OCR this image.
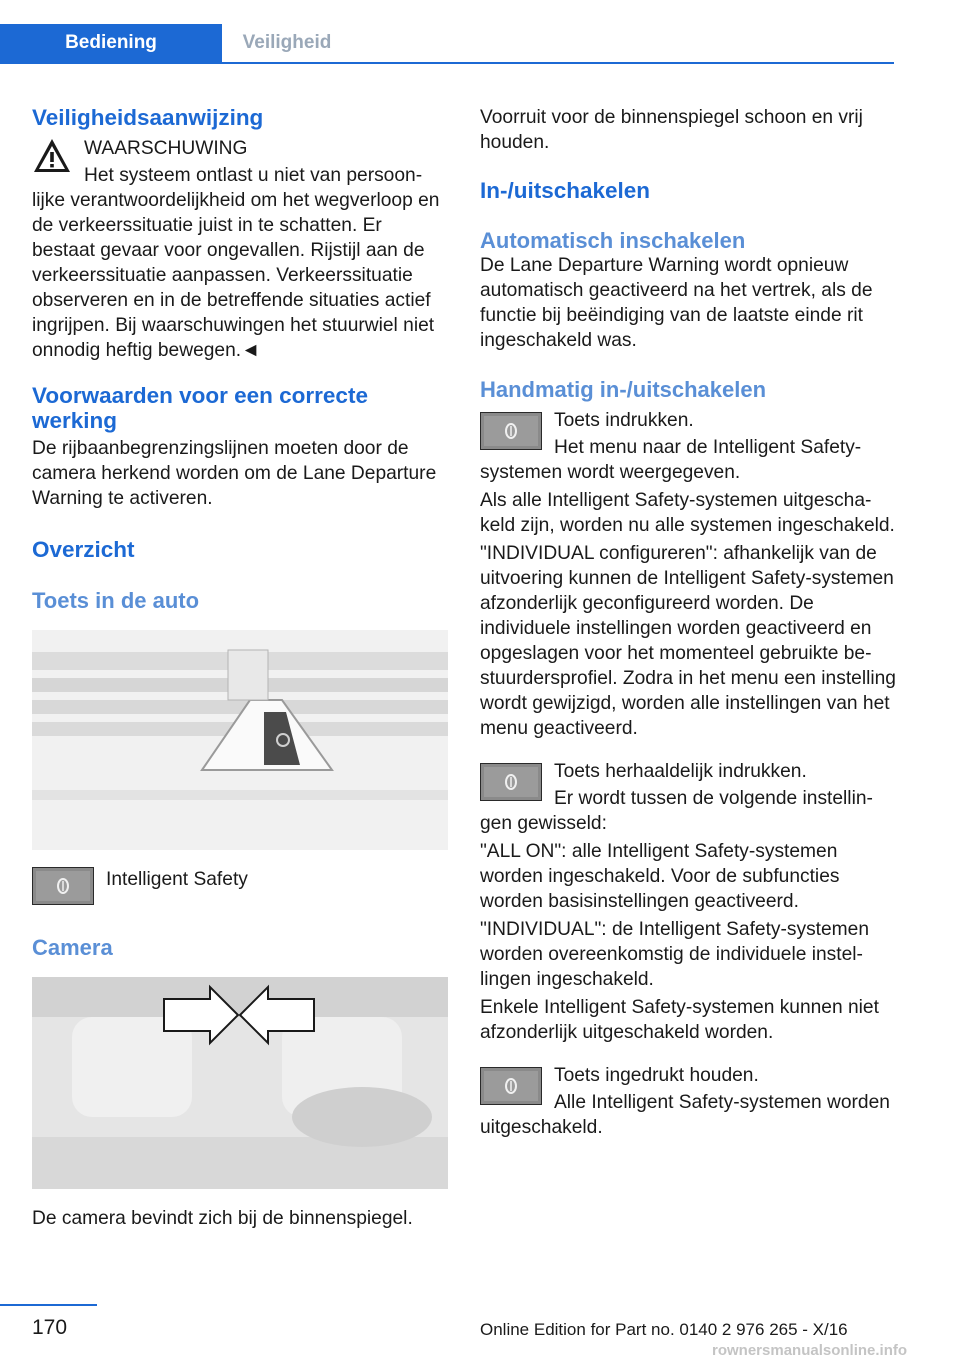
Bediening	Veiligheid
Veiligheidsaanwijzing

WAARSCHUWING

Het systeem ontlast u niet van persoonlijke verantwoordelijkheid om het wegverloop en de verkeerssituatie juist in te schatten. Er bestaat gevaar voor ongevallen. Rijstijl aan de verkeerssituatie aanpassen. Verkeerssituatie observeren en in de betreffende situaties actief ingrijpen. Bij waarschuwingen het stuurwiel niet onnodig heftig bewegen.◄

Voorwaarden voor een correcte werking

De rijbaanbegrenzingslijnen moeten door de camera herkend worden om de Lane Departure Warning te activeren.

Overzicht
Toets in de auto

Intelligent Safety

Camera

De camera bevindt zich bij de binnenspiegel.

Voorruit voor de binnenspiegel schoon en vrij houden.

In-/uitschakelen
Automatisch inschakelen

De Lane Departure Warning wordt opnieuw automatisch geactiveerd na het vertrek, als de functie bij beëindiging van de laatste einde rit ingeschakeld was.

Handmatig in-/uitschakelen

Toets indrukken.

Het menu naar de Intelligent Safety-systemen wordt weergegeven.

Als alle Intelligent Safety-systemen uitgeschakeld zijn, worden nu alle systemen ingeschakeld.

"INDIVIDUAL configureren": afhankelijk van de uitvoering kunnen de Intelligent Safety-systemen afzonderlijk geconfigureerd worden. De individuele instellingen worden geactiveerd en opgeslagen voor het momenteel gebruikte bestuurdersprofiel. Zodra in het menu een instelling wordt gewijzigd, worden alle instellingen van het menu geactiveerd.

Toets herhaaldelijk indrukken.

Er wordt tussen de volgende instellingen gewisseld:

"ALL ON": alle Intelligent Safety-systemen worden ingeschakeld. Voor de subfuncties worden basisinstellingen geactiveerd.

"INDIVIDUAL": de Intelligent Safety-systemen worden overeenkomstig de individuele instellingen ingeschakeld.

Enkele Intelligent Safety-systemen kunnen niet afzonderlijk uitgeschakeld worden.

Toets ingedrukt houden.

Alle Intelligent Safety-systemen worden uitgeschakeld.

170	Online Edition for Part no. 0140 2 976 265 - X/16
rownersmanualsonline.info
